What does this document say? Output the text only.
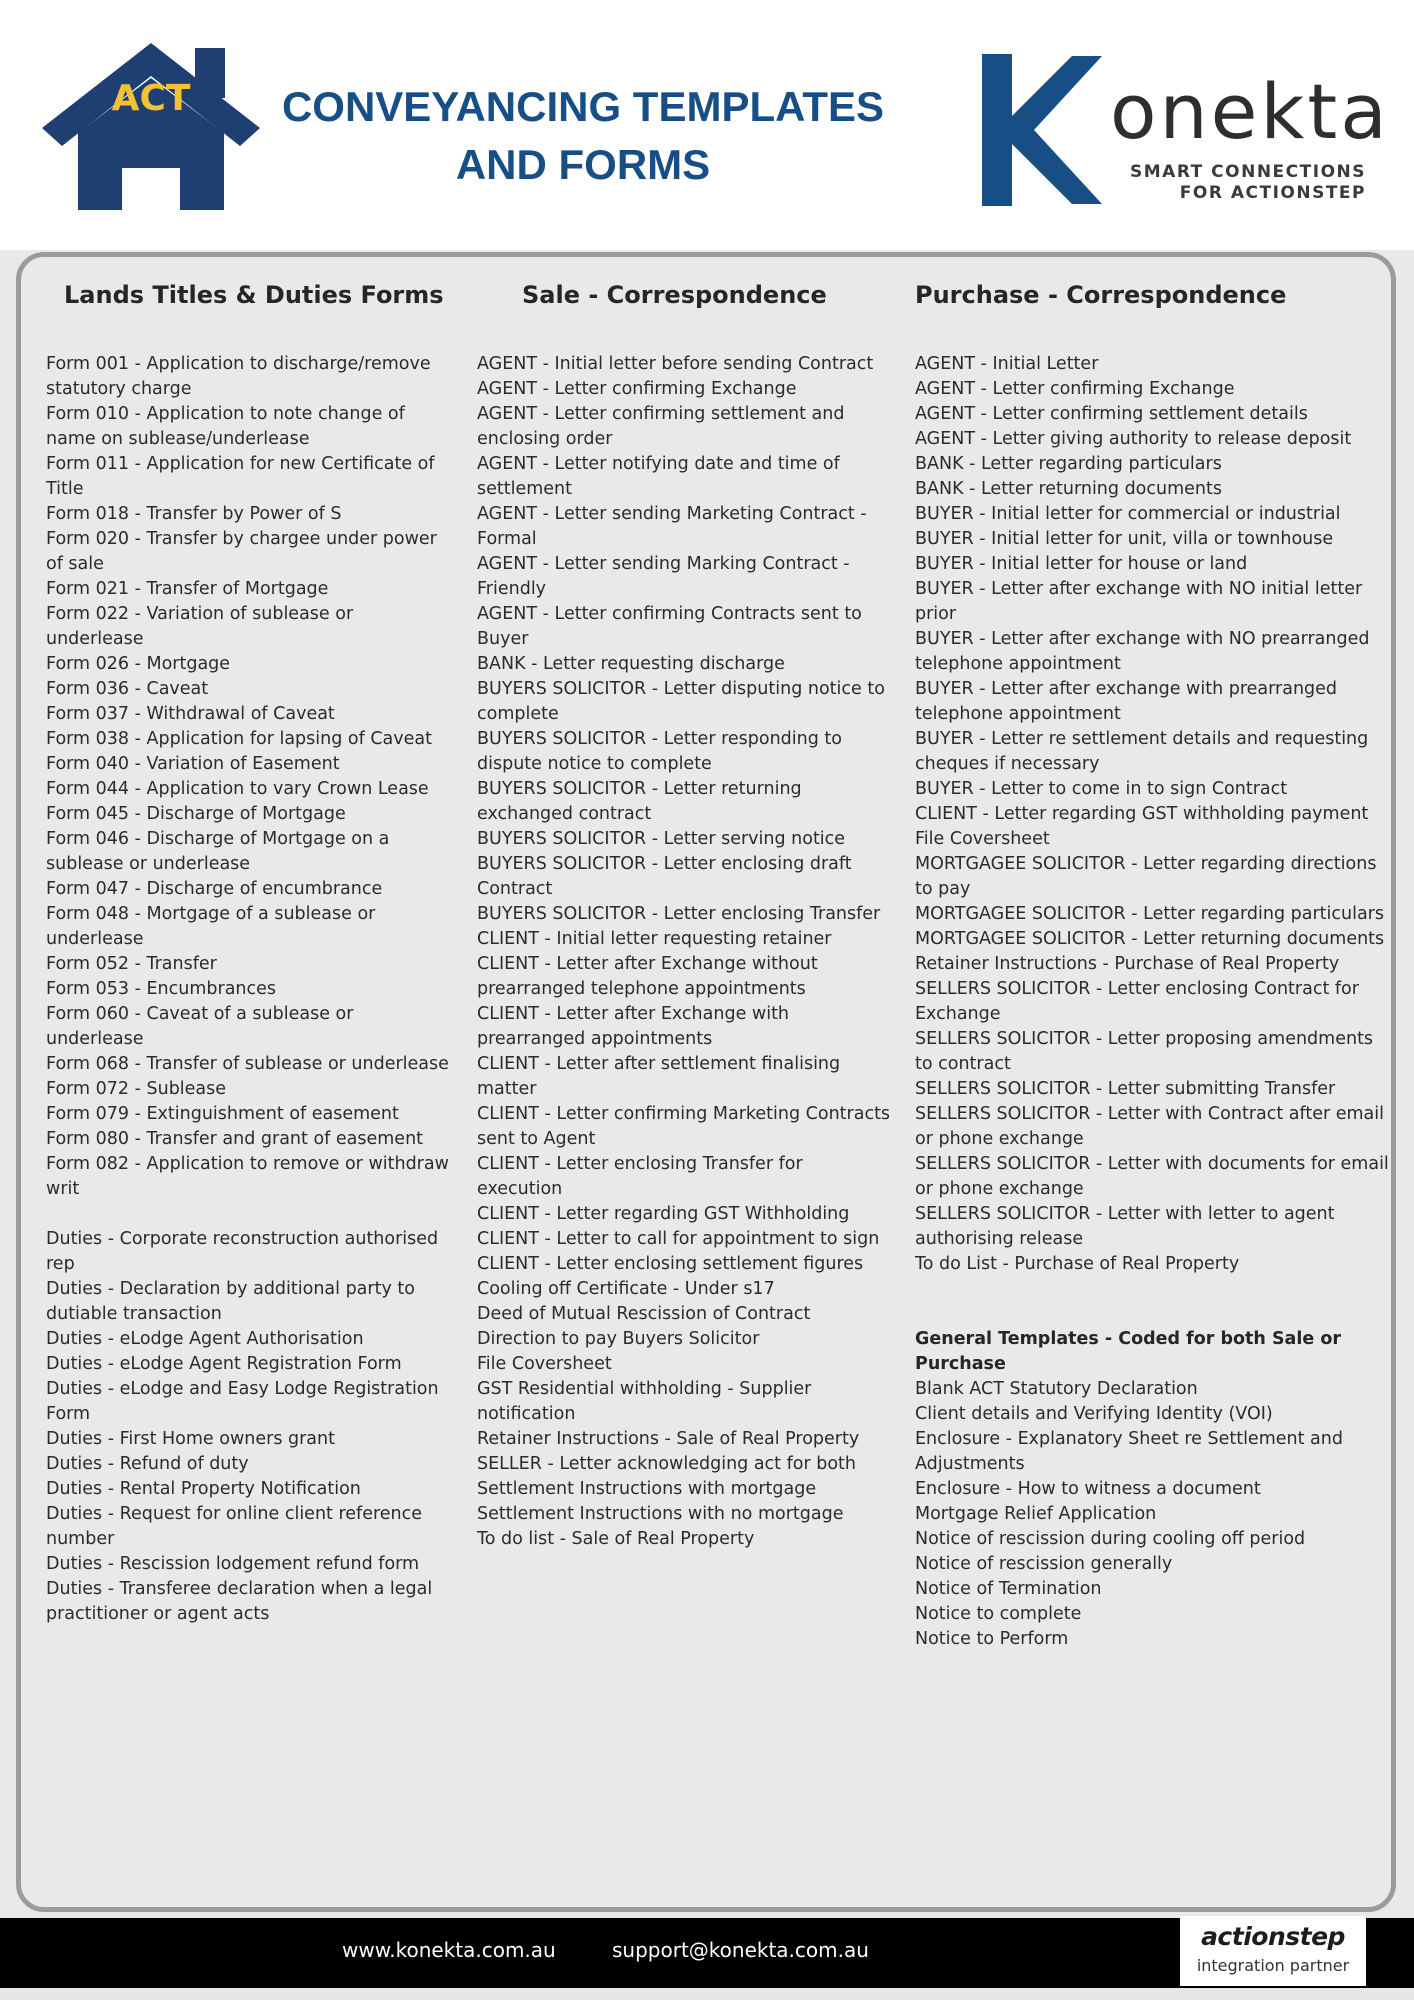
ACT	CONVEYANCING TEMPLATES
AND FORMS
onekta
SMART CONNECTIONS
FOR ACTIONSTEP
Lands Titles & Duties Forms
Form 001 - Application to discharge/remove statutory charge
Form 010 - Application to note change of name on sublease/underlease
Form 011 - Application for new Certificate of Title
Form 018 - Transfer by Power of S
Form 020 - Transfer by chargee under power of sale
Form 021 - Transfer of Mortgage
Form 022 - Variation of sublease or underlease
Form 026 - Mortgage
Form 036 - Caveat
Form 037 - Withdrawal of Caveat
Form 038 - Application for lapsing of Caveat
Form 040 - Variation of Easement
Form 044 - Application to vary Crown Lease
Form 045 - Discharge of Mortgage
Form 046 - Discharge of Mortgage on a sublease or underlease
Form 047 - Discharge of encumbrance
Form 048 - Mortgage of a sublease or underlease
Form 052 - Transfer
Form 053 - Encumbrances
Form 060 - Caveat of a sublease or underlease
Form 068 - Transfer of sublease or underlease
Form 072 - Sublease
Form 079 - Extinguishment of easement
Form 080 - Transfer and grant of easement
Form 082 - Application to remove or withdraw writ
Duties - Corporate reconstruction authorised rep
Duties - Declaration by additional party to dutiable transaction
Duties - eLodge Agent Authorisation
Duties - eLodge Agent Registration Form
Duties - eLodge and Easy Lodge Registration Form
Duties - First Home owners grant
Duties - Refund of duty
Duties - Rental Property Notification
Duties - Request for online client reference number
Duties - Rescission lodgement refund form
Duties - Transferee declaration when a legal practitioner or agent acts
Sale - Correspondence
AGENT - Initial letter before sending Contract
AGENT - Letter confirming Exchange
AGENT - Letter confirming settlement and enclosing order
AGENT - Letter notifying date and time of settlement
AGENT - Letter sending Marketing Contract - Formal
AGENT - Letter sending Marking Contract - Friendly
AGENT - Letter confirming Contracts sent to Buyer
BANK - Letter requesting discharge
BUYERS SOLICITOR - Letter disputing notice to complete
BUYERS SOLICITOR - Letter responding to dispute notice to complete
BUYERS SOLICITOR - Letter returning exchanged contract
BUYERS SOLICITOR - Letter serving notice
BUYERS SOLICITOR - Letter enclosing draft Contract
BUYERS SOLICITOR - Letter enclosing Transfer
CLIENT - Initial letter requesting retainer
CLIENT - Letter after Exchange without prearranged telephone appointments
CLIENT - Letter after Exchange with prearranged appointments
CLIENT - Letter after settlement finalising matter
CLIENT - Letter confirming Marketing Contracts sent to Agent
CLIENT - Letter enclosing Transfer for execution
CLIENT - Letter regarding GST Withholding
CLIENT - Letter to call for appointment to sign
CLIENT - Letter enclosing settlement figures
Cooling off Certificate - Under s17
Deed of Mutual Rescission of Contract
Direction to pay Buyers Solicitor
File Coversheet
GST Residential withholding - Supplier notification
Retainer Instructions - Sale of Real Property
SELLER - Letter acknowledging act for both
Settlement Instructions with mortgage
Settlement Instructions with no mortgage
To do list - Sale of Real Property
Purchase - Correspondence
AGENT - Initial Letter
AGENT - Letter confirming Exchange
AGENT - Letter confirming settlement details
AGENT - Letter giving authority to release deposit
BANK - Letter regarding particulars
BANK - Letter returning documents
BUYER - Initial letter for commercial or industrial
BUYER - Initial letter for unit, villa or townhouse
BUYER - Initial letter for house or land
BUYER - Letter after exchange with NO initial letter prior
BUYER - Letter after exchange with NO prearranged telephone appointment
BUYER - Letter after exchange with prearranged telephone appointment
BUYER - Letter re settlement details and requesting cheques if necessary
BUYER - Letter to come in to sign Contract
CLIENT - Letter regarding GST withholding payment
File Coversheet
MORTGAGEE SOLICITOR - Letter regarding directions to pay
MORTGAGEE SOLICITOR - Letter regarding particulars
MORTGAGEE SOLICITOR - Letter returning documents
Retainer Instructions - Purchase of Real Property
SELLERS SOLICITOR - Letter enclosing Contract for Exchange
SELLERS SOLICITOR - Letter proposing amendments to contract
SELLERS SOLICITOR - Letter submitting Transfer
SELLERS SOLICITOR - Letter with Contract after email or phone exchange
SELLERS SOLICITOR - Letter with documents for email or phone exchange
SELLERS SOLICITOR - Letter with letter to agent authorising release
To do List - Purchase of Real Property
General Templates - Coded for both Sale or Purchase
Blank ACT Statutory Declaration
Client details and Verifying Identity (VOI)
Enclosure - Explanatory Sheet re Settlement and Adjustments
Enclosure - How to witness a document
Mortgage Relief Application
Notice of rescission during cooling off period
Notice of rescission generally
Notice of Termination
Notice to complete
Notice to Perform
www.konekta.com.au	support@konekta.com.au	actionstep
integration partner
